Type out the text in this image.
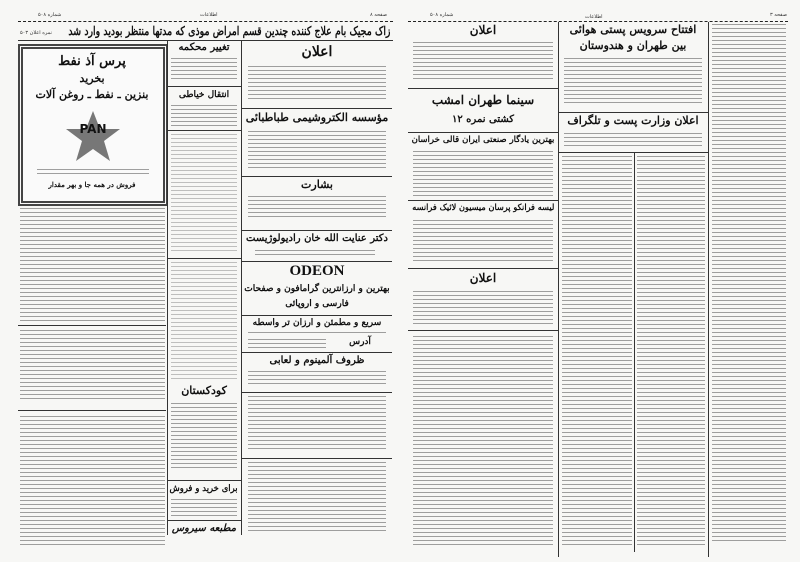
صفحه ۸
اطلاعات
شماره ۵۰۸
زاک مجیک بام علاج کننده چندین قسم امراض موذی که مدتها منتظر بودید وارد شد
نمره اعلان ۵۰۳
پرس آذ نفط
بخرید
بنزین ـ نفط ـ روغن آلات
PAN
فروش در همه جا و بهر مقدار
تغییر محکمه
انتقال خیاطی
کودکستان
برای خرید و فروش
مطبعه سیروس
اعلان
مؤسسه الکتروشیمی طباطبائی
بشارت
دکتر عنایت الله خان رادیولوژیست
ODEON
بهترین و ارزانترین گرامافون و صفحات
فارسی و اروپائی
سریع و مطمئن و ارزان تر واسطه
آدرس
ظروف آلمینوم و لعابی
صفحه ۳
اطلاعات
شماره ۵۰۸
اعلان
سینما طهران امشب
کشتی نمره ۱۲
بهترین یادگار صنعتی ایران قالی خراسان
لیسه فرانکو پرسان میسیون لائیک فرانسه
اعلان
افتتاح سرویس پستی هوائی
بین طهران و هندوستان
اعلان وزارت پست و تلگراف
